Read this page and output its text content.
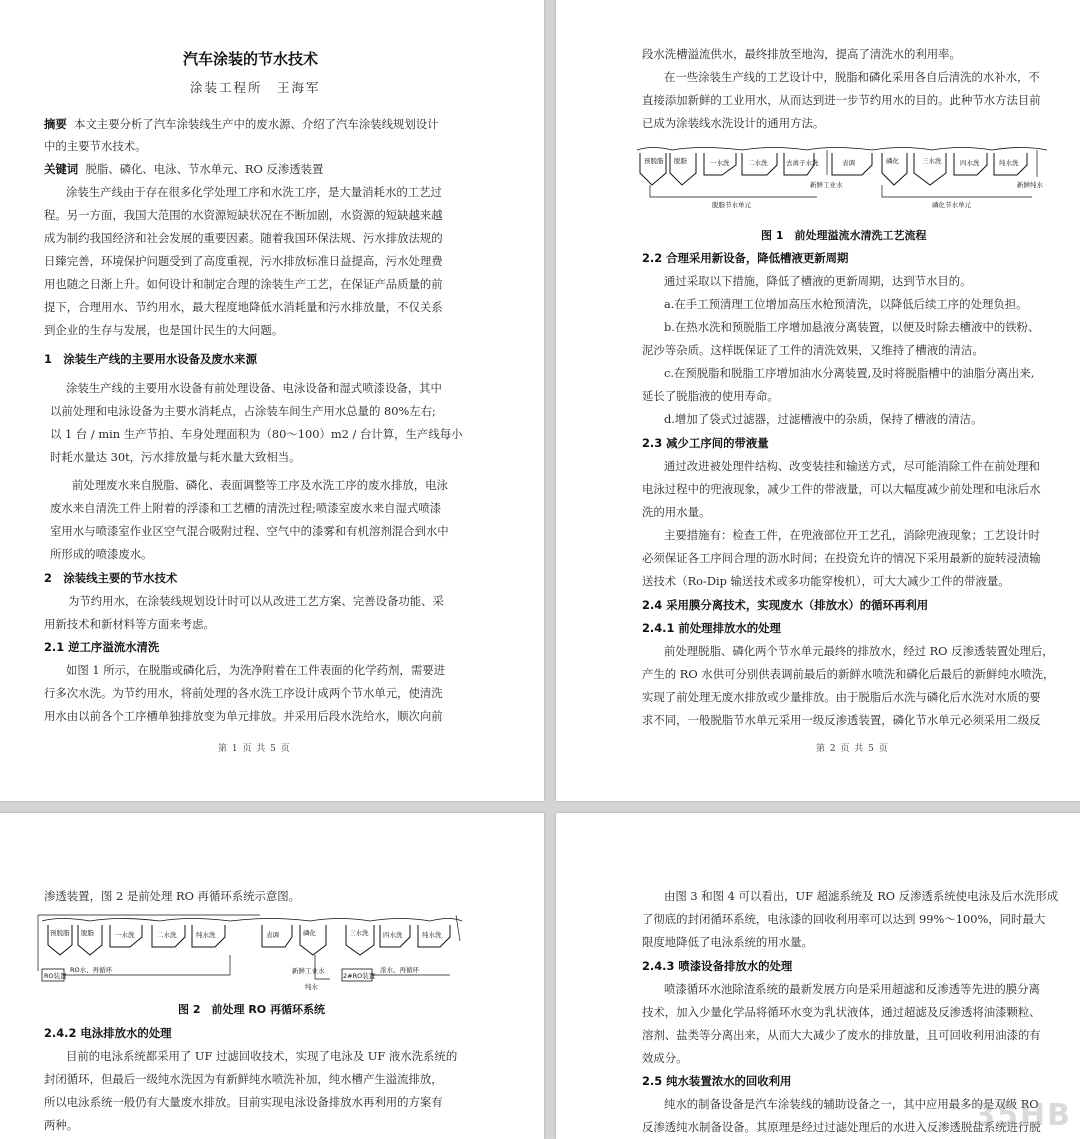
汽车涂装的节水技术
涂装工程所　王海军
摘要 本文主要分析了汽车涂装线生产中的废水源、介绍了汽车涂装线规划设计
中的主要节水技术。
关键词 脱脂、磷化、电泳、节水单元、RO 反渗透装置
涂装生产线由于存在很多化学处理工序和水洗工序，是大量消耗水的工艺过
程。另一方面，我国大范围的水资源短缺状况在不断加剧，水资源的短缺越来越
成为制约我国经济和社会发展的重要因素。随着我国环保法规、污水排放法规的
日臻完善，环境保护问题受到了高度重视，污水排放标准日益提高，污水处理费
用也随之日渐上升。如何设计和制定合理的涂装生产工艺，在保证产品质量的前
提下，合理用水、节约用水，最大程度地降低水消耗量和污水排放量，不仅关系
到企业的生存与发展，也是国计民生的大问题。
1　涂装生产线的主要用水设备及废水来源
涂装生产线的主要用水设备有前处理设备、电泳设备和湿式喷漆设备，其中
以前处理和电泳设备为主要水消耗点，占涂装车间生产用水总量的 80%左右;
以 1 台 / min 生产节拍、车身处理面积为（80～100）m2 / 台计算，生产线每小
时耗水量达 30t，污水排放量与耗水量大致相当。
前处理废水来自脱脂、磷化、表面调整等工序及水洗工序的废水排放，电泳
废水来自清洗工件上附着的浮漆和工艺槽的清洗过程;喷漆室废水来自湿式喷漆
室用水与喷漆室作业区空气混合吸附过程、空气中的漆雾和有机溶剂混合到水中
所形成的喷漆废水。
2　涂装线主要的节水技术
为节约用水，在涂装线规划设计时可以从改进工艺方案、完善设备功能、采
用新技术和新材料等方面来考虑。
2.1 逆工序溢流水清洗
如图 1 所示，在脱脂或磷化后，为洗净附着在工件表面的化学药剂，需要进
行多次水洗。为节约用水，将前处理的各水洗工序设计成两个节水单元，使清洗
用水由以前各个工序槽单独排放变为单元排放。并采用后段水洗给水，顺次向前
第 1 页 共 5 页
段水洗槽溢流供水，最终排放至地沟，提高了清洗水的利用率。
在一些涂装生产线的工艺设计中，脱脂和磷化采用各自后清洗的水补水，不
直接添加新鲜的工业用水，从而达到进一步节约用水的目的。此种节水方法目前
已成为涂装线水洗设计的通用方法。
预脱脂 脱脂	一水洗	二水洗	去离子水洗	表调	磷化	三水洗	四水洗	纯水洗
新鲜工业水	新鲜纯水
脱脂节水单元	磷化节水单元
图 1　前处理溢流水清洗工艺流程
2.2 合理采用新设备，降低槽液更新周期
通过采取以下措施，降低了槽液的更新周期，达到节水目的。
a.在手工预清理工位增加高压水枪预清洗，以降低后续工序的处理负担。
b.在热水洗和预脱脂工序增加悬液分离装置，以便及时除去槽液中的铁粉、
泥沙等杂质。这样既保证了工件的清洗效果，又维持了槽液的清洁。
c.在预脱脂和脱脂工序增加油水分离装置,及时将脱脂槽中的油脂分离出来,
延长了脱脂液的使用寿命。
d.增加了袋式过滤器，过滤槽液中的杂质，保持了槽液的清洁。
2.3 减少工序间的带液量
通过改进被处理件结构、改变装挂和输送方式，尽可能消除工件在前处理和
电泳过程中的兜液现象，减少工件的带液量，可以大幅度减少前处理和电泳后水
洗的用水量。
主要措施有：检查工件，在兜液部位开工艺孔，消除兜液现象；工艺设计时
必须保证各工序间合理的沥水时间；在投资允许的情况下采用最新的旋转浸渍输
送技术（Ro-Dip 输送技术或多功能穿梭机），可大大减少工件的带液量。
2.4 采用膜分离技术，实现废水（排放水）的循环再利用
2.4.1 前处理排放水的处理
前处理脱脂、磷化两个节水单元最终的排放水，经过 RO 反渗透装置处理后，
产生的 RO 水供可分别供表调前最后的新鲜水喷洗和磷化后最后的新鲜纯水喷洗，
实现了前处理无废水排放或少量排放。由于脱脂后水洗与磷化后水洗对水质的要
求不同，一般脱脂节水单元采用一级反渗透装置，磷化节水单元必须采用二级反
第 2 页 共 5 页
渗透装置，图 2 是前处理 RO 再循环系统示意图。
预脱脂 脱脂	一水洗	二水洗	纯水洗	表调	磷化	三水洗 四水洗	纯水洗
RO装置
RO水、再循环
2#RO装置
浓水、再循环
新鲜工业水
纯水
图 2　前处理 RO 再循环系统
2.4.2 电泳排放水的处理
目前的电泳系统都采用了 UF 过滤回收技术，实现了电泳及 UF 液水洗系统的
封闭循环，但最后一级纯水洗因为有新鲜纯水喷洗补加，纯水槽产生溢流排放，
所以电泳系统一般仍有大量废水排放。目前实现电泳设备排放水再利用的方案有
两种。
由图 3 和图 4 可以看出，UF 超滤系统及 RO 反渗透系统使电泳及后水洗形成
了彻底的封闭循环系统，电泳漆的回收利用率可以达到 99%～100%，同时最大
限度地降低了电泳系统的用水量。
2.4.3 喷漆设备排放水的处理
喷漆循环水池除渣系统的最新发展方向是采用超滤和反渗透等先进的膜分离
技术，加入少量化学品将循环水变为乳状液体，通过超滤及反渗透将油漆颗粒、
溶剂、盐类等分离出来，从而大大减少了废水的排放量，且可回收利用油漆的有
效成分。
2.5 纯水装置浓水的回收利用
纯水的制备设备是汽车涂装线的辅助设备之一，其中应用最多的是双级 RO
反渗透纯水制备设备。其原理是经过过滤处理后的水进入反渗透脱盐系统进行脱
35HB
